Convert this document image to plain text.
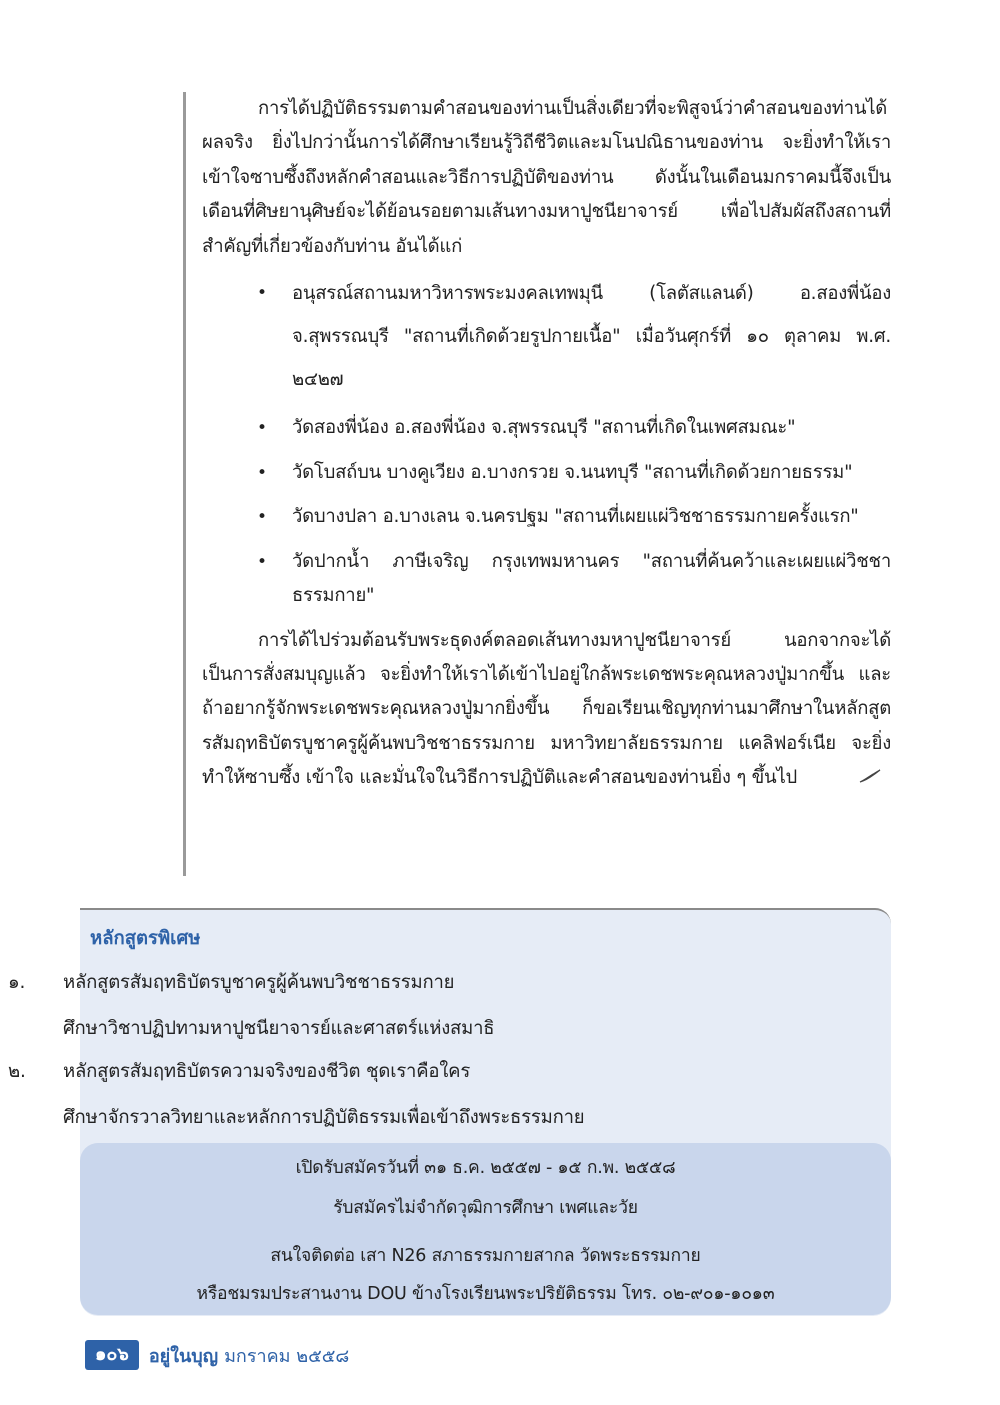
การได้ปฏิบัติธรรมตามคำสอนของท่านเป็นสิ่งเดียวที่จะพิสูจน์ว่าคำสอนของท่านได้ผลจริง ยิ่งไปกว่านั้นการได้ศึกษาเรียนรู้วิถีชีวิตและมโนปณิธานของท่าน จะยิ่งทำให้เราเข้าใจซาบซึ้งถึงหลักคำสอนและวิธีการปฏิบัติของท่าน ดังนั้นในเดือนมกราคมนี้จึงเป็นเดือนที่ศิษยานุศิษย์จะได้ย้อนรอยตามเส้นทางมหาปูชนียาจารย์ เพื่อไปสัมผัสถึงสถานที่สำคัญที่เกี่ยวข้องกับท่าน อันได้แก่

• อนุสรณ์สถานมหาวิหารพระมงคลเทพมุนี (โลตัสแลนด์) อ.สองพี่น้อง จ.สุพรรณบุรี "สถานที่เกิดด้วยรูปกายเนื้อ" เมื่อวันศุกร์ที่ ๑๐ ตุลาคม พ.ศ. ๒๔๒๗
• วัดสองพี่น้อง อ.สองพี่น้อง จ.สุพรรณบุรี "สถานที่เกิดในเพศสมณะ"
• วัดโบสถ์บน บางคูเวียง อ.บางกรวย จ.นนทบุรี "สถานที่เกิดด้วยกายธรรม"
• วัดบางปลา อ.บางเลน จ.นครปฐม "สถานที่เผยแผ่วิชชาธรรมกายครั้งแรก"
• วัดปากน้ำ ภาษีเจริญ กรุงเทพมหานคร "สถานที่ค้นคว้าและเผยแผ่วิชชาธรรมกาย"

การได้ไปร่วมต้อนรับพระธุดงค์ตลอดเส้นทางมหาปูชนียาจารย์ นอกจากจะได้เป็นการสั่งสมบุญแล้ว จะยิ่งทำให้เราได้เข้าไปอยู่ใกล้พระเดชพระคุณหลวงปู่มากขึ้น และถ้าอยากรู้จักพระเดชพระคุณหลวงปู่มากยิ่งขึ้น ก็ขอเรียนเชิญทุกท่านมาศึกษาในหลักสูตรสัมฤทธิบัตรบูชาครูผู้ค้นพบวิชชาธรรมกาย มหาวิทยาลัยธรรมกาย แคลิฟอร์เนีย จะยิ่งทำให้ซาบซึ้ง เข้าใจ และมั่นใจในวิธีการปฏิบัติและคำสอนของท่านยิ่ง ๆ ขึ้นไป

หลักสูตรพิเศษ
๑.	หลักสูตรสัมฤทธิบัตรบูชาครูผู้ค้นพบวิชชาธรรมกาย
ศึกษาวิชาปฏิปทามหาปูชนียาจารย์และศาสตร์แห่งสมาธิ
๒.	หลักสูตรสัมฤทธิบัตรความจริงของชีวิต ชุดเราคือใคร
ศึกษาจักรวาลวิทยาและหลักการปฏิบัติธรรมเพื่อเข้าถึงพระธรรมกาย
เปิดรับสมัครวันที่ ๓๑ ธ.ค. ๒๕๕๗ - ๑๕ ก.พ. ๒๕๕๘
รับสมัครไม่จำกัดวุฒิการศึกษา เพศและวัย
สนใจติดต่อ เสา N26 สภาธรรมกายสากล วัดพระธรรมกาย
หรือชมรมประสานงาน DOU ข้างโรงเรียนพระปริยัติธรรม โทร. ๐๒-๙๐๑-๑๐๑๓
๑๐๖	อยู่ในบุญ มกราคม ๒๕๕๘
